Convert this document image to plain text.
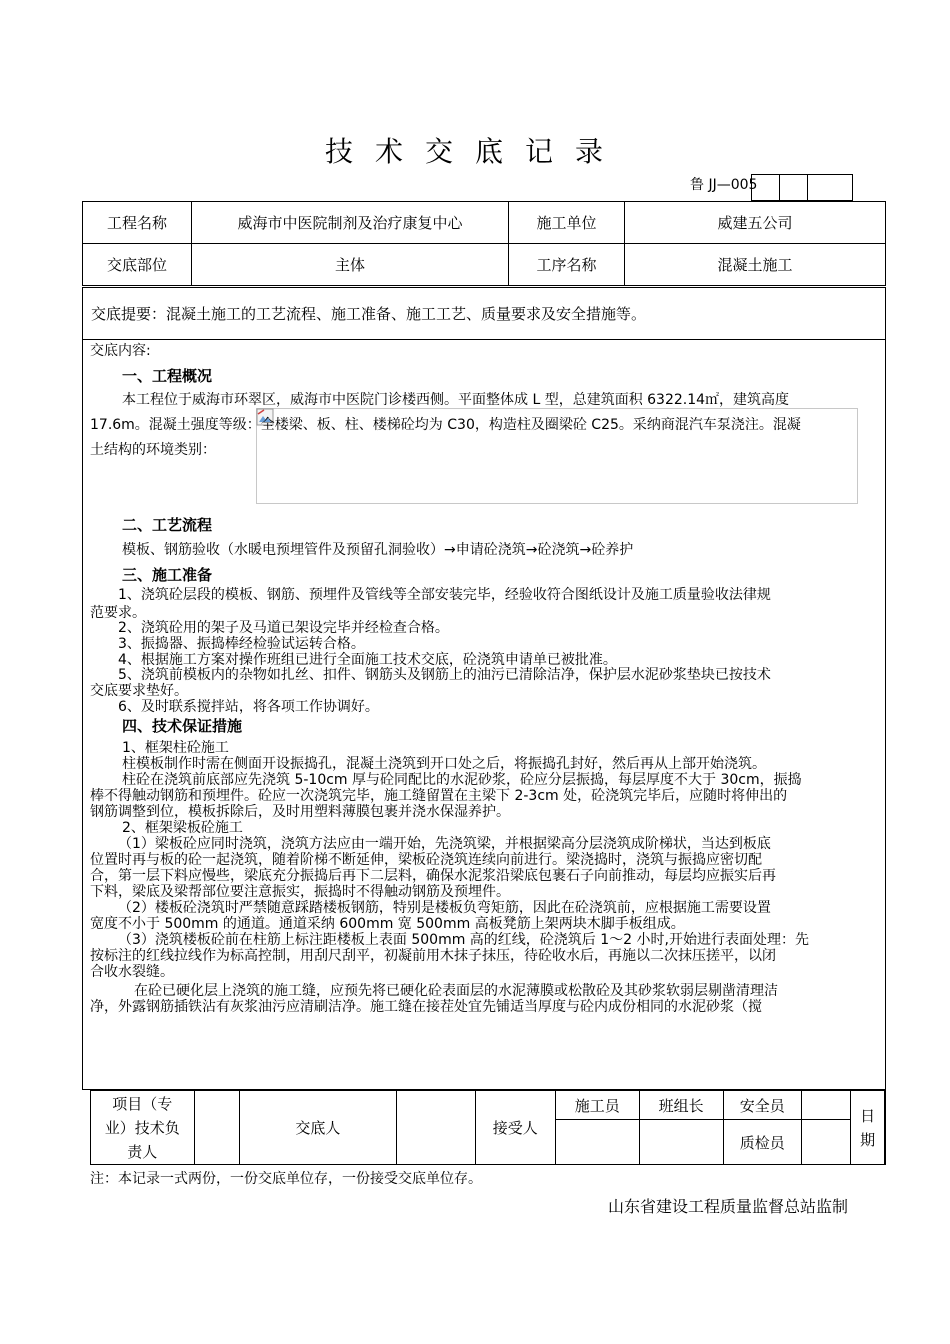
技术交底记录
鲁 JJ—005
工程名称	威海市中医院制剂及治疗康复中心	施工单位	威建五公司
交底部位	主体	工序名称	混凝土施工
交底提要：混凝土施工的工艺流程、施工准备、施工工艺、质量要求及安全措施等。
交底内容:
一、工程概况
本工程位于威海市环翠区，威海市中医院门诊楼西侧。平面整体成 L 型，总建筑面积 6322.14㎡，建筑高度
17.6m。混凝土强度等级：全楼梁、板、柱、楼梯砼均为 C30，构造柱及圈梁砼 C25。采纳商混汽车泵浇注。混凝
土结构的环境类别：
二、工艺流程
模板、钢筋验收（水暖电预埋管件及预留孔洞验收）→申请砼浇筑→砼浇筑→砼养护
三、施工准备
1、浇筑砼层段的模板、钢筋、预埋件及管线等全部安装完毕，经验收符合图纸设计及施工质量验收法律规
范要求。
2、浇筑砼用的架子及马道已架设完毕并经检查合格。
3、振捣器、振捣棒经检验试运转合格。
4、根据施工方案对操作班组已进行全面施工技术交底，砼浇筑申请单已被批准。
5、浇筑前模板内的杂物如扎丝、扣件、钢筋头及钢筋上的油污已清除洁净，保护层水泥砂浆垫块已按技术
交底要求垫好。
6、及时联系搅拌站，将各项工作协调好。
四、技术保证措施
1、框架柱砼施工
柱模板制作时需在侧面开设振捣孔，混凝土浇筑到开口处之后，将振捣孔封好，然后再从上部开始浇筑。
柱砼在浇筑前底部应先浇筑 5-10cm 厚与砼同配比的水泥砂浆，砼应分层振捣，每层厚度不大于 30cm，振捣
棒不得触动钢筋和预埋件。砼应一次浇筑完毕，施工缝留置在主梁下 2-3cm 处，砼浇筑完毕后，应随时将伸出的
钢筋调整到位，模板拆除后，及时用塑料薄膜包裹并浇水保湿养护。
2、框架梁板砼施工
（1）梁板砼应同时浇筑，浇筑方法应由一端开始，先浇筑梁，并根据梁高分层浇筑成阶梯状，当达到板底
位置时再与板的砼一起浇筑，随着阶梯不断延伸，梁板砼浇筑连续向前进行。梁浇捣时，浇筑与振捣应密切配
合，第一层下料应慢些，梁底充分振捣后再下二层料，确保水泥浆沿梁底包裹石子向前推动，每层均应振实后再
下料，梁底及梁帮部位要注意振实，振捣时不得触动钢筋及预埋件。
（2）楼板砼浇筑时严禁随意踩踏楼板钢筋，特别是楼板负弯矩筋，因此在砼浇筑前，应根据施工需要设置
宽度不小于 500mm 的通道。通道采纳 600mm 宽 500mm 高板凳筋上架两块木脚手板组成。
（3）浇筑楼板砼前在柱筋上标注距楼板上表面 500mm 高的红线，砼浇筑后 1～2 小时,开始进行表面处理：先
按标注的红线拉线作为标高控制，用刮尺刮平，初凝前用木抹子抹压，待砼收水后，再施以二次抹压搓平，以闭
合收水裂缝。
在砼已硬化层上浇筑的施工缝，应预先将已硬化砼表面层的水泥薄膜或松散砼及其砂浆软弱层剔凿清理洁
净，外露钢筋插铁沾有灰浆油污应清刷洁净。施工缝在接茬处宜先铺适当厚度与砼内成份相同的水泥砂浆（搅
项目（专
业）技术负
责人		交底人		接受人	施工员	班组长	安全员		日
期	
							质检员			
注：本记录一式两份，一份交底单位存，一份接受交底单位存。
山东省建设工程质量监督总站监制
